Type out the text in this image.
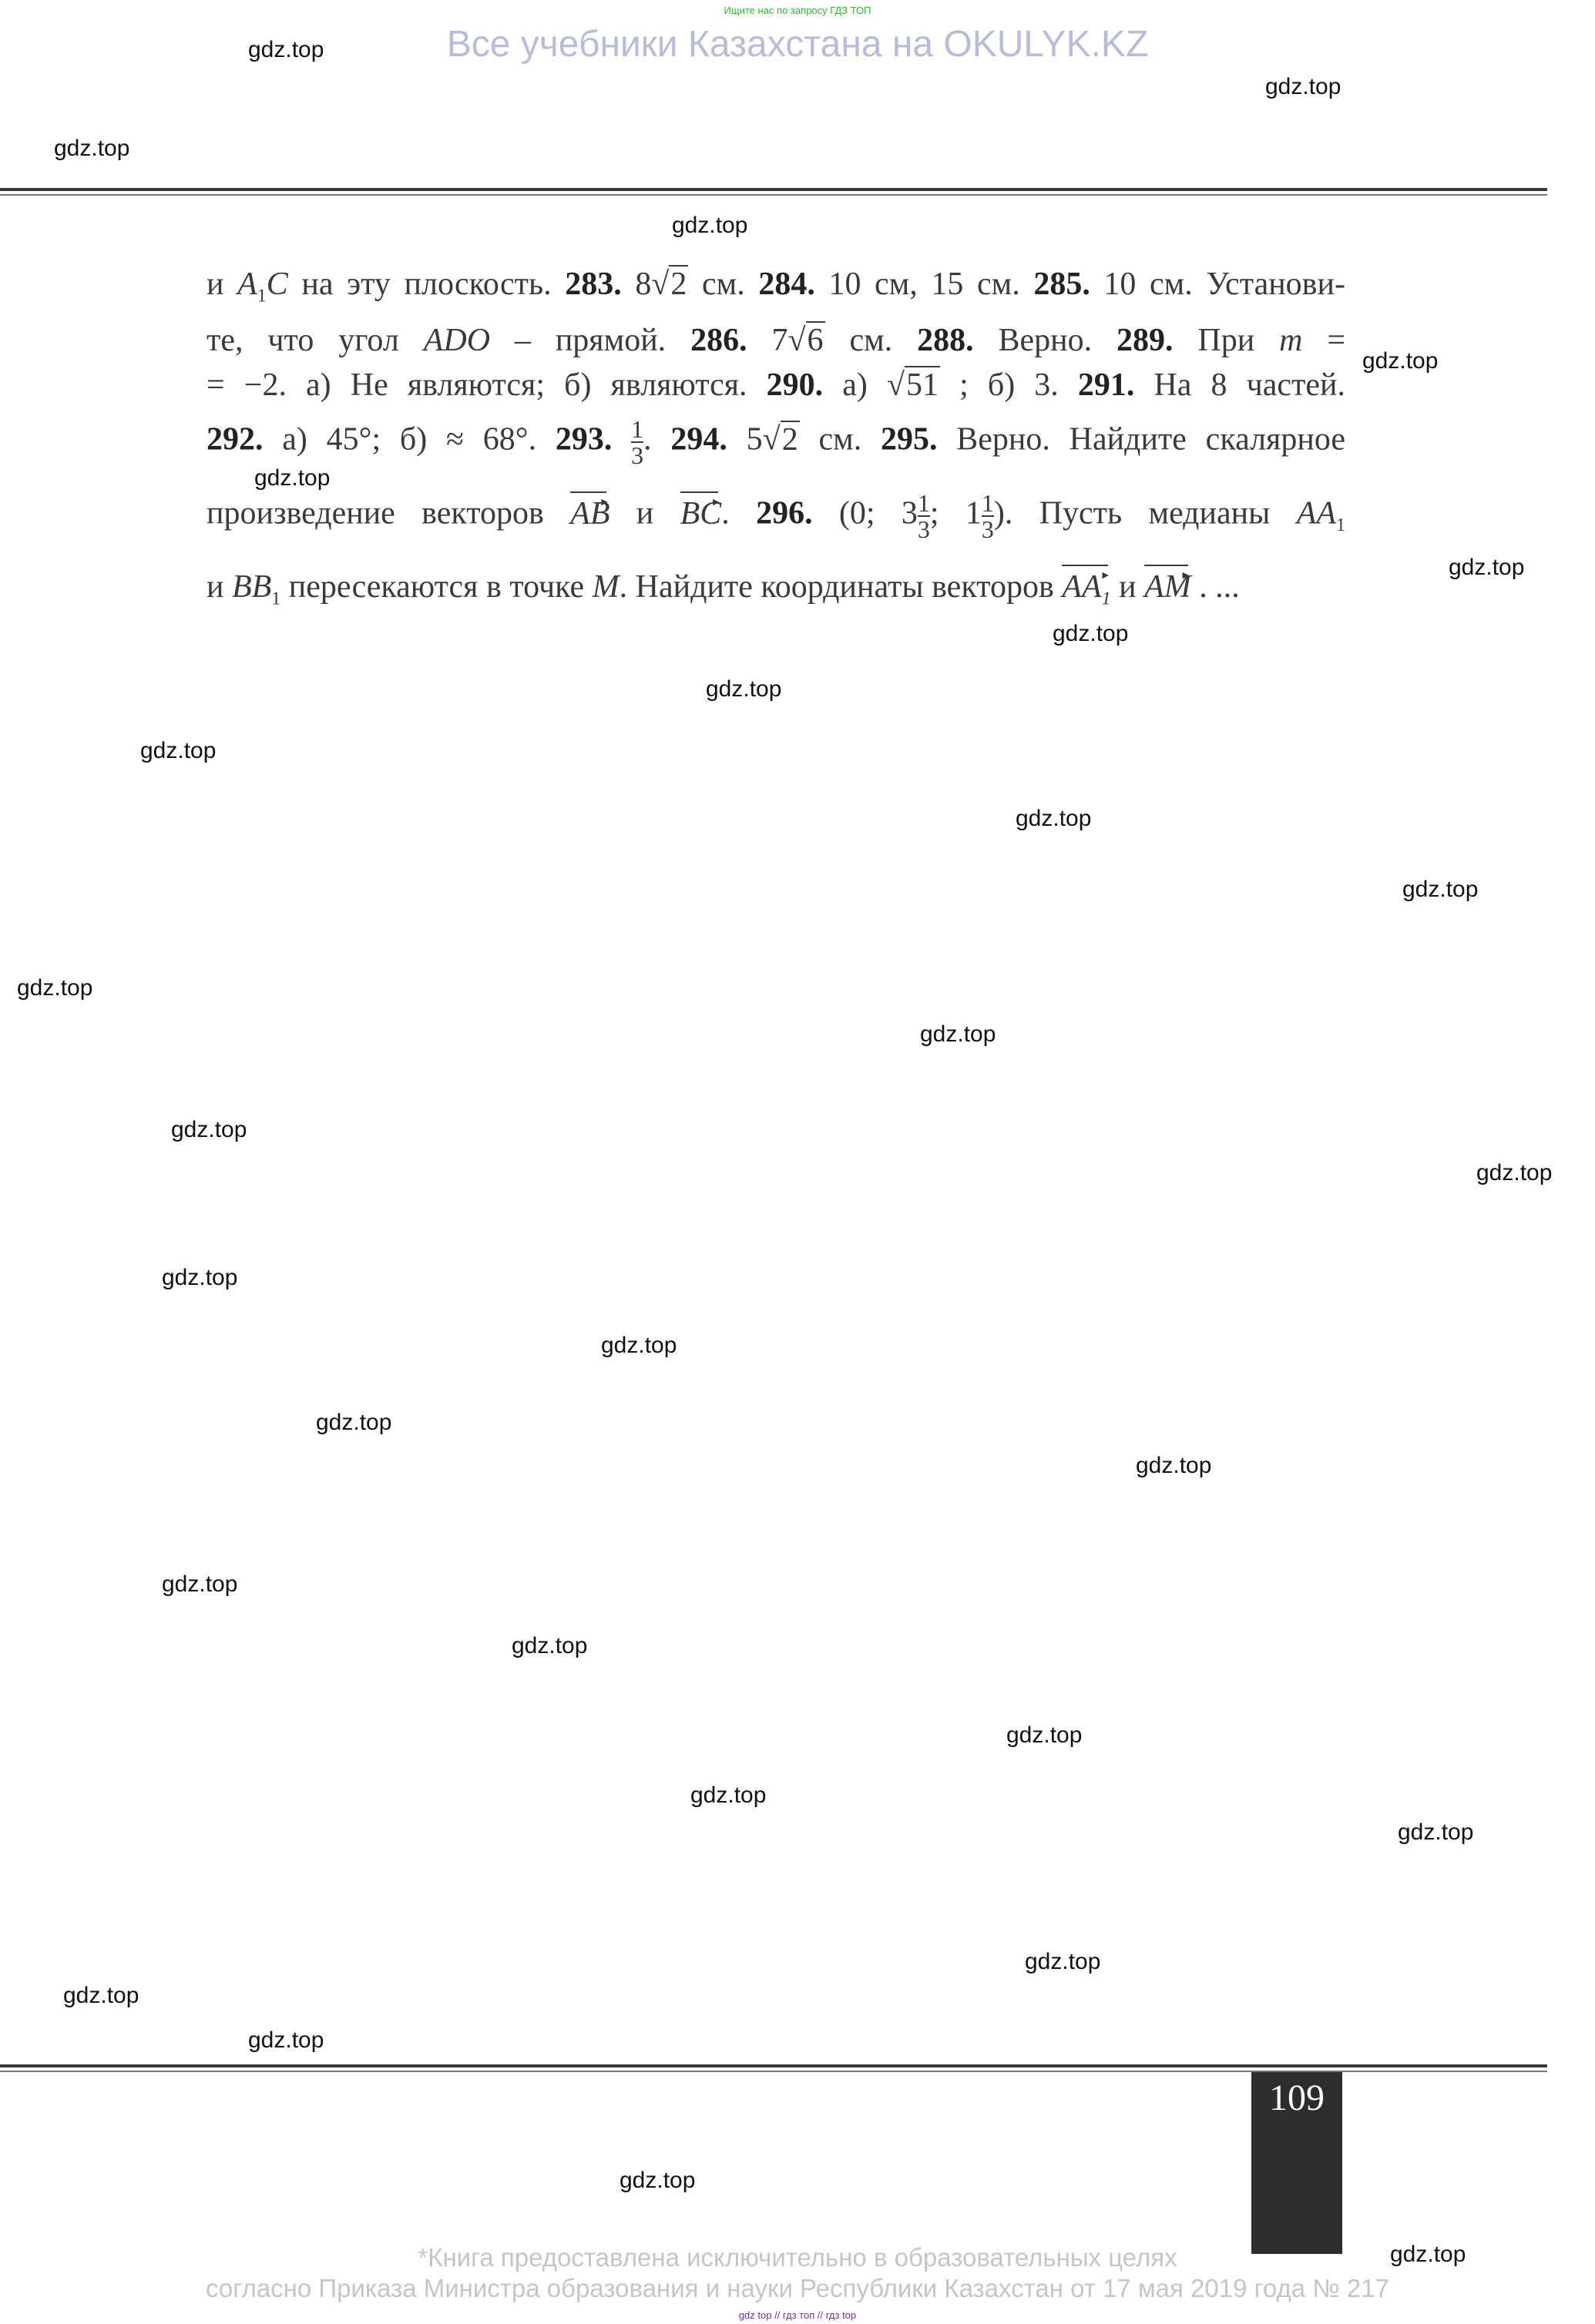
Ищите нас по запросу ГДЗ ТОП
Все учебники Казахстана на OKULYK.KZ

и $A_1C$ на эту плоскость. 283. 8√2 см. 284. 10 см, 15 см. 285. 10 см. Установи-

те, что угол ADO – прямой. 286. 7√6 см. 288. Верно. 289. При m =

= −2. а) Не являются; б) являются. 290. а) √51 ; б) 3. 291. На 8 частей.

292. а) 45°; б) ≈ 68°. 293. $\frac{1}{3}$ . 294. 5√2 см. 295. Верно. Найдите скалярное

произведение векторов AB ► и BC ►. 296. (0; $3 \frac{1}{3}$ ; $1 \frac{1}{3}$ ). Пусть медианы $AA_1$

и $BB_1$ пересекаются в точке M. Найдите координаты векторов $AA_1$ ► и AM ► . ...

gdz.top
gdz.top
gdz.top
gdz.top
gdz.top
gdz.top
gdz.top
gdz.top
gdz.top
gdz.top
gdz.top
gdz.top
gdz.top
gdz.top
gdz.top
gdz.top
gdz.top
gdz.top
gdz.top
gdz.top
gdz.top
gdz.top
gdz.top
gdz.top
gdz.top
gdz.top
gdz.top
gdz.top
gdz.top
gdz.top
109
*Книга предоставлена исключительно в образовательных целях
согласно Приказа Министра образования и науки Республики Казахстан от 17 мая 2019 года № 217
gdz top // гдз топ // гдз top
